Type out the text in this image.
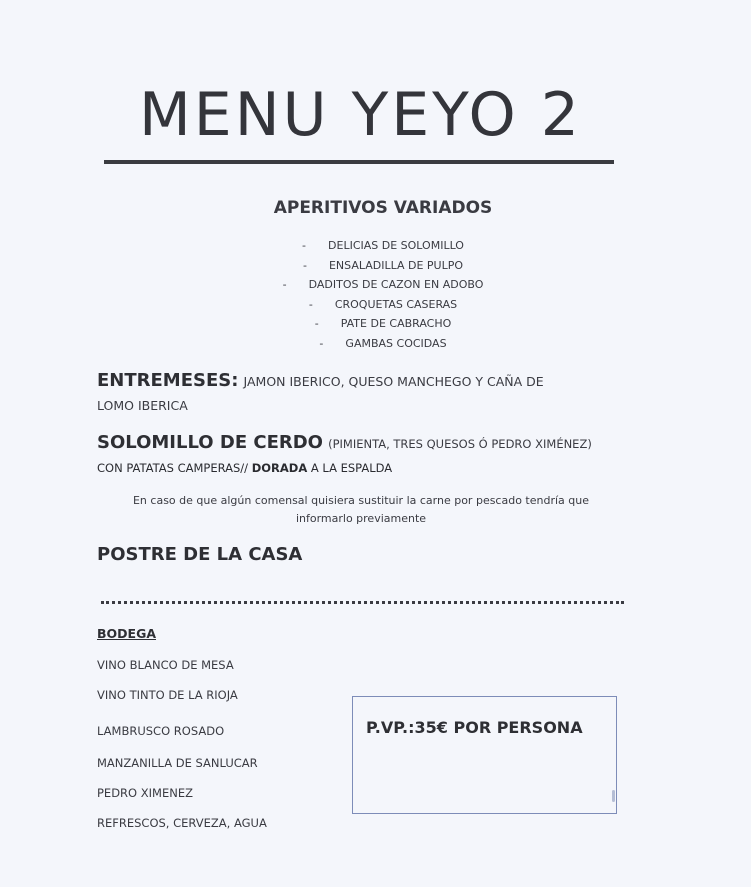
MENU YEYO 2
APERITIVOS VARIADOS
- DELICIAS DE SOLOMILLO
- ENSALADILLA DE PULPO
- DADITOS DE CAZON EN ADOBO
- CROQUETAS CASERAS
- PATE DE CABRACHO
- GAMBAS COCIDAS
ENTREMESES: JAMON IBERICO, QUESO MANCHEGO Y CAÑA DE
LOMO IBERICA
SOLOMILLO DE CERDO (PIMIENTA, TRES QUESOS Ó PEDRO XIMÉNEZ)
CON PATATAS CAMPERAS// DORADA A LA ESPALDA
En caso de que algún comensal quisiera sustituir la carne por pescado tendría que
informarlo previamente
POSTRE DE LA CASA
BODEGA
VINO BLANCO DE MESA
VINO TINTO DE LA RIOJA
LAMBRUSCO ROSADO
MANZANILLA DE SANLUCAR
PEDRO XIMENEZ
REFRESCOS, CERVEZA, AGUA
P.VP.:35€ POR PERSONA
